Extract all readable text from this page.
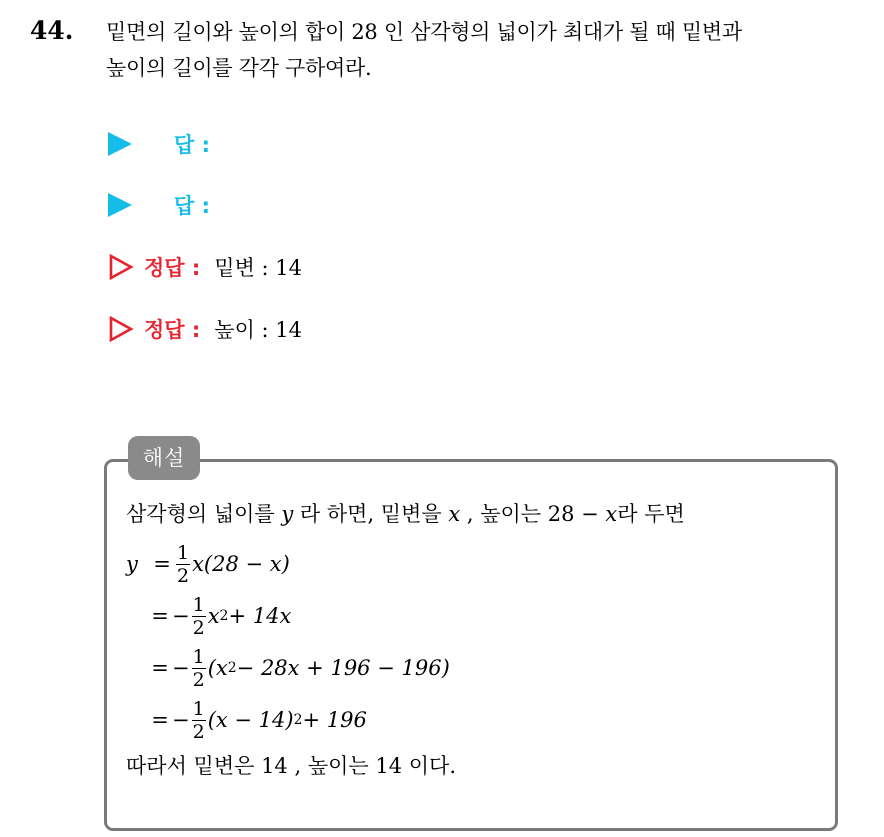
44. 밑면의 길이와 높이의 합이 28 인 삼각형의 넓이가 최대가 될 때 밑변과
높이의 길이를 각각 구하여라.
답 :
답 :
정답 : 밑변 : 14
정답 : 높이 : 14
해설
삼각형의 넓이를 y 라 하면, 밑변을 x , 높이는 28 − x라 두면
$y = \frac{1}{2} x(28 - x)$
= − $\frac{1}{2}$ x 2 + 14x
= − $\frac{1}{2} (x$ 2 − 28x + 196 − 196)
= − $\frac{1}{2} (x - 14) 2 + 196$
따라서 밑변은 14 , 높이는 14 이다.
